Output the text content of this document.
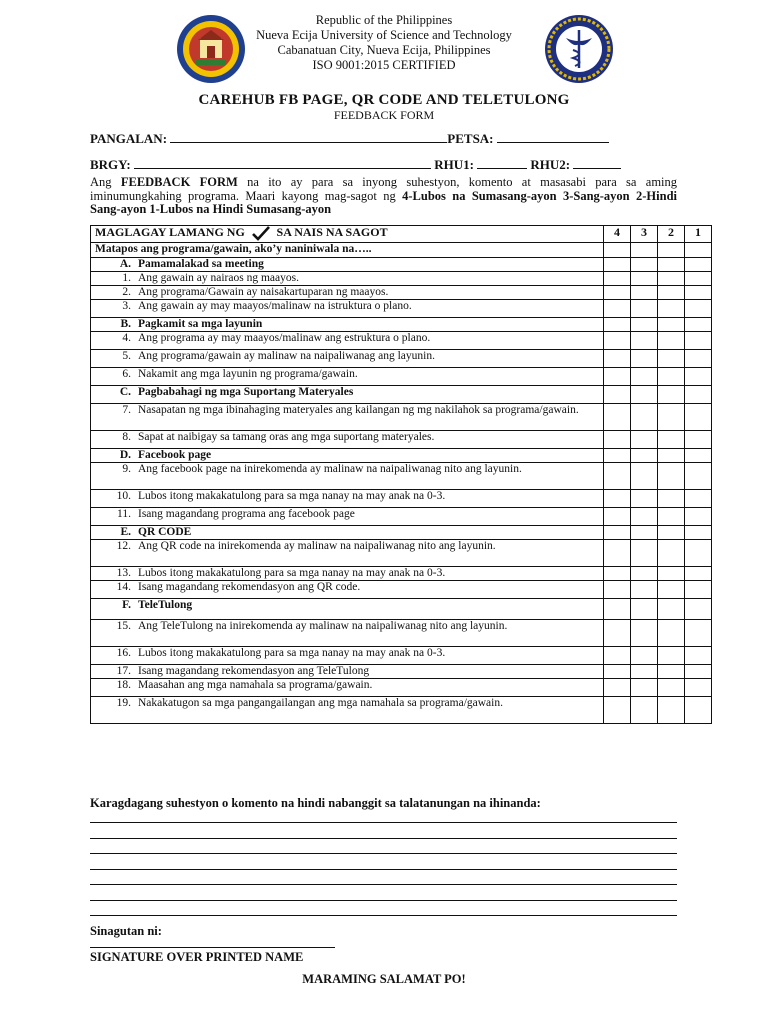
Republic of the Philippines
Nueva Ecija University of Science and Technology
Cabanatuan City, Nueva Ecija, Philippines
ISO 9001:2015 CERTIFIED
CAREHUB FB PAGE, QR CODE AND TELETULONG
FEEDBACK FORM
PANGALAN:	PETSA:
BRGY:	RHU1:	RHU2:
Ang FEEDBACK FORM na ito ay para sa inyong suhestyon, komento at masasabi para sa aming iminumungkahing programa. Maari kayong mag-sagot ng 4-Lubos na Sumasang-ayon 3-Sang-ayon 2-Hindi Sang-ayon 1-Lubos na Hindi Sumasang-ayon
MAGLAGAY LAMANG NG SA NAIS NA SAGOT	4	3	2	1
Matapos ang programa/gawain, ako’y naniniwala na…..				

A. Pamamalakad sa meeting				

1. Ang gawain ay nairaos ng maayos.				

2. Ang programa/Gawain ay naisakartuparan ng maayos.				

3. Ang gawain ay may maayos/malinaw na istruktura o plano.				

B. Pagkamit sa mga layunin				

4. Ang programa ay may maayos/malinaw ang estruktura o plano.				

5. Ang programa/gawain ay malinaw na naipaliwanag ang layunin.				

6. Nakamit ang mga layunin ng programa/gawain.				

C. Pagbabahagi ng mga Suportang Materyales				

7. Nasapatan ng mga ibinahaging materyales ang kailangan ng mg nakilahok sa programa/gawain.				

8. Sapat at naibigay sa tamang oras ang mga suportang materyales.				

D. Facebook page				

9. Ang facebook page na inirekomenda ay malinaw na naipaliwanag nito ang layunin.				

10. Lubos itong makakatulong para sa mga nanay na may anak na 0-3.				

11. Isang magandang programa ang facebook page				

E. QR CODE				

12. Ang QR code na inirekomenda ay malinaw na naipaliwanag nito ang layunin.				

13. Lubos itong makakatulong para sa mga nanay na may anak na 0-3.				

14. Isang magandang rekomendasyon ang QR code.				

F. TeleTulong				

15. Ang TeleTulong na inirekomenda ay malinaw na naipaliwanag nito ang layunin.				

16. Lubos itong makakatulong para sa mga nanay na may anak na 0-3.				

17. Isang magandang rekomendasyon ang TeleTulong				

18. Maasahan ang mga namahala sa programa/gawain.				

19. Nakakatugon sa mga pangangailangan ang mga namahala sa programa/gawain.				

Karagdagang suhestyon o komento na hindi nabanggit sa talatanungan na ihinanda:
Sinagutan ni:
SIGNATURE OVER PRINTED NAME
MARAMING SALAMAT PO!
